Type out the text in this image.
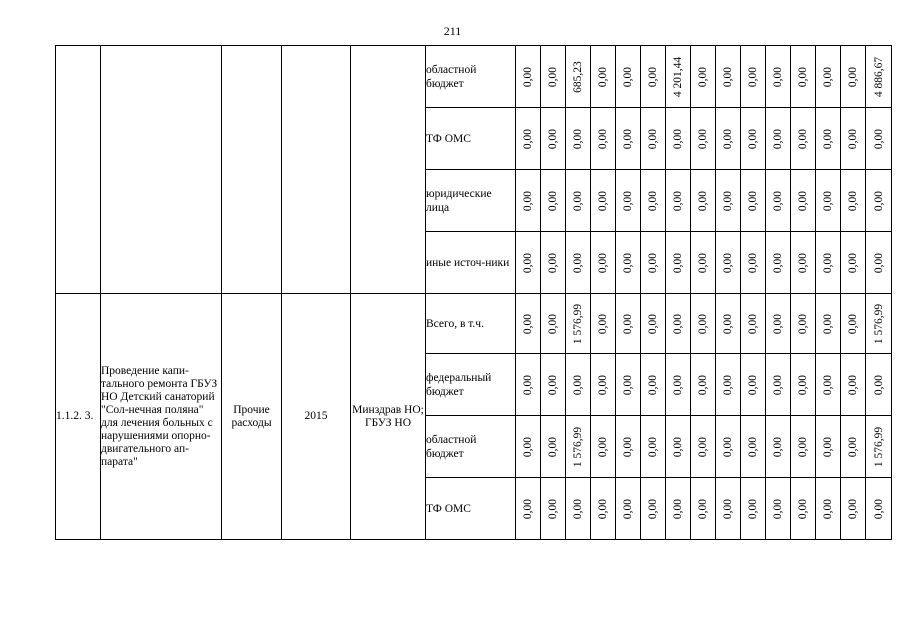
211
					областной бюджет	0,00	0,00	685,23	0,00	0,00	0,00	4 201,44	0,00	0,00	0,00	0,00	0,00	0,00	0,00	4 886,67

					ТФ ОМС	0,00	0,00	0,00	0,00	0,00	0,00	0,00	0,00	0,00	0,00	0,00	0,00	0,00	0,00	0,00

					юридические лица	0,00	0,00	0,00	0,00	0,00	0,00	0,00	0,00	0,00	0,00	0,00	0,00	0,00	0,00	0,00

					иные источ-ники	0,00	0,00	0,00	0,00	0,00	0,00	0,00	0,00	0,00	0,00	0,00	0,00	0,00	0,00	0,00

1.1.2. 3.	Проведение капи-тального ремонта ГБУЗ НО Детский санаторий "Сол-нечная поляна" для лечения больных с нарушениями опорно-двигательного ап-парата"	Прочие расходы	2015	Минздрав НО; ГБУЗ НО	Всего, в т.ч.	0,00	0,00	1 576,99	0,00	0,00	0,00	0,00	0,00	0,00	0,00	0,00	0,00	0,00	0,00	1 576,99

					федеральный бюджет	0,00	0,00	0,00	0,00	0,00	0,00	0,00	0,00	0,00	0,00	0,00	0,00	0,00	0,00	0,00

					областной бюджет	0,00	0,00	1 576,99	0,00	0,00	0,00	0,00	0,00	0,00	0,00	0,00	0,00	0,00	0,00	1 576,99

					ТФ ОМС	0,00	0,00	0,00	0,00	0,00	0,00	0,00	0,00	0,00	0,00	0,00	0,00	0,00	0,00	0,00
